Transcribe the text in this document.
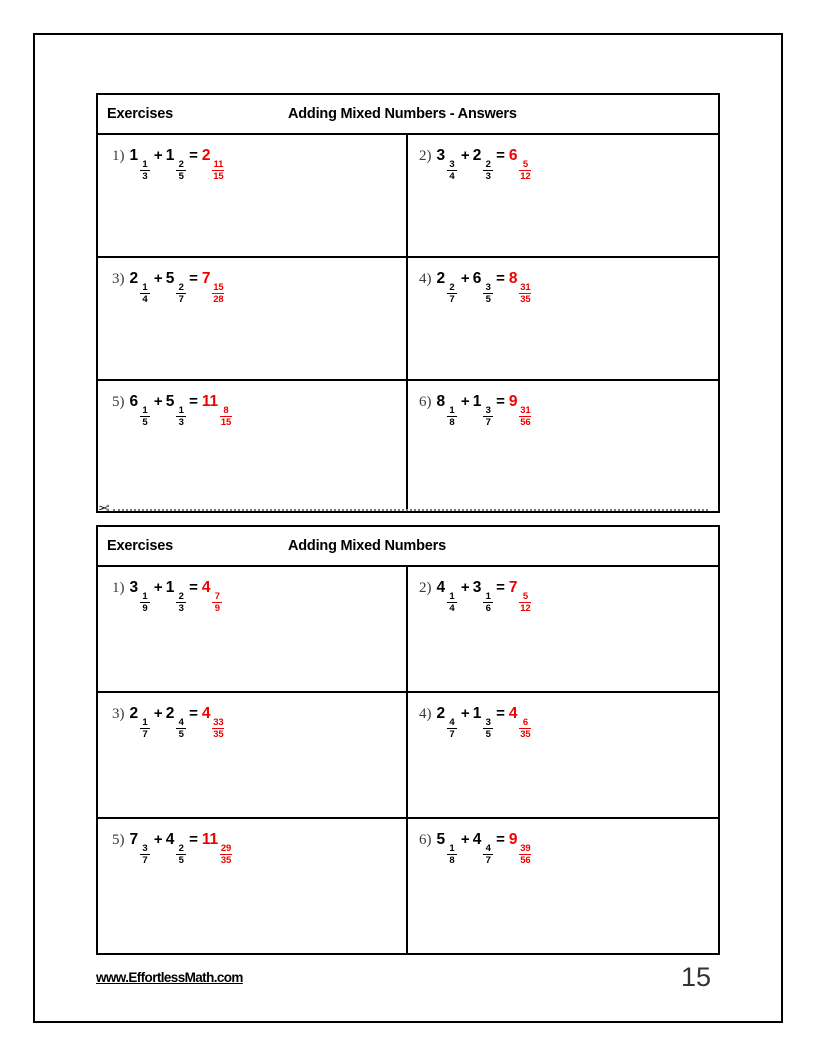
Exercises	Adding Mixed Numbers - Answers
1) 1
$\frac{1}{3}$
+ 1
$\frac{2}{5}$
= 2
$\frac{11}{15}$
2) 3
$\frac{3}{4}$
+ 2
$\frac{2}{3}$
= 6
$\frac{5}{12}$
3) 2
$\frac{1}{4}$
+ 5
$\frac{2}{7}$
= 7
$\frac{15}{28}$
4) 2
$\frac{2}{7}$
+ 6
$\frac{3}{5}$
= 8
$\frac{31}{35}$
5) 6
$\frac{1}{5}$
+ 5
$\frac{1}{3}$
= 11
$\frac{8}{15}$
6) 8
$\frac{1}{8}$
+ 1
$\frac{3}{7}$
= 9
$\frac{31}{56}$
✂
Exercises	Adding Mixed Numbers
1) 3
$\frac{1}{9}$
+ 1
$\frac{2}{3}$
= 4
$\frac{7}{9}$
2) 4
$\frac{1}{4}$
+ 3
$\frac{1}{6}$
= 7
$\frac{5}{12}$
3) 2
$\frac{1}{7}$
+ 2
$\frac{4}{5}$
= 4
$\frac{33}{35}$
4) 2
$\frac{4}{7}$
+ 1
$\frac{3}{5}$
= 4
$\frac{6}{35}$
5) 7
$\frac{3}{7}$
+ 4
$\frac{2}{5}$
= 11
$\frac{29}{35}$
6) 5
$\frac{1}{8}$
+ 4
$\frac{4}{7}$
= 9
$\frac{39}{56}$
www.EffortlessMath.com	15
